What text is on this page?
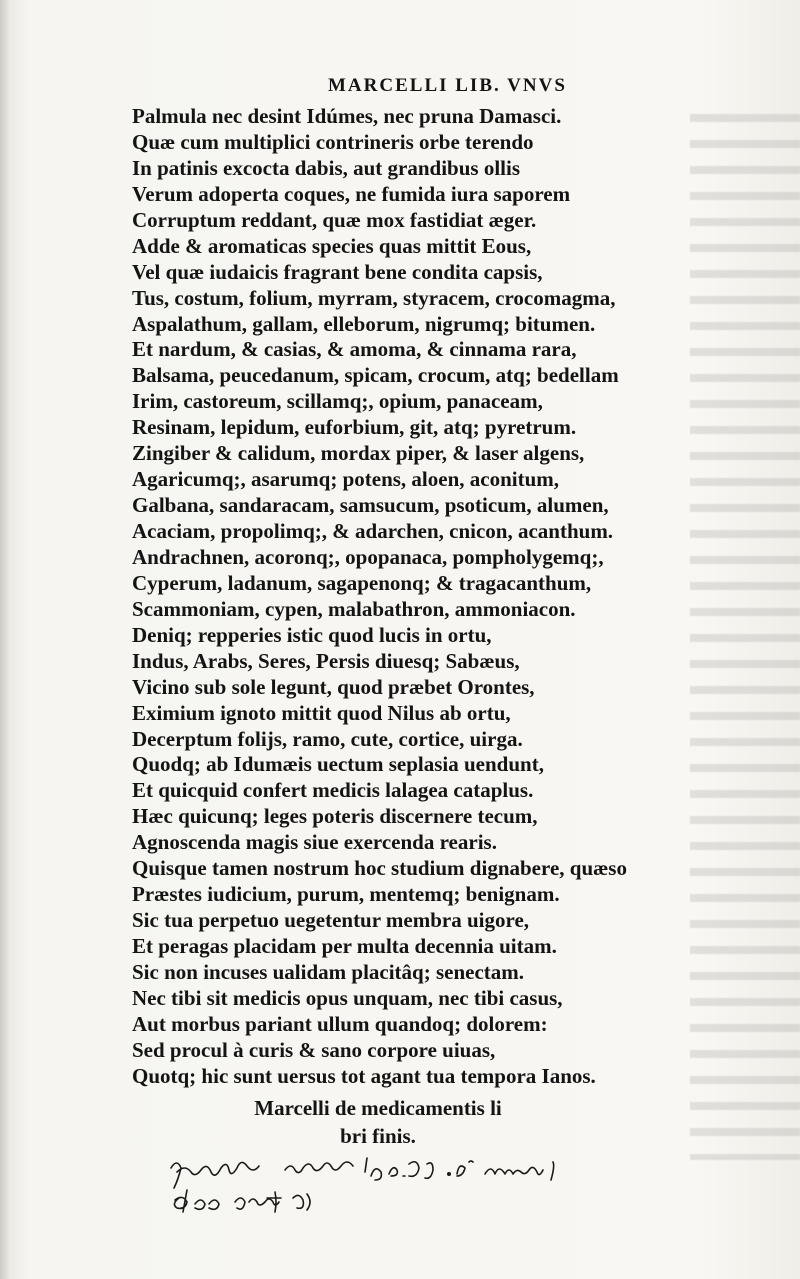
MARCELLI LIB. VNVS
Palmula nec desint Idúmes, nec pruna Damasci.
Quæ cum multiplici contrineris orbe terendo
In patinis excocta dabis, aut grandibus ollis
Verum adoperta coques, ne fumida iura saporem
Corruptum reddant, quæ mox fastidiat æger.
Adde & aromaticas species quas mittit Eous,
Vel quæ iudaicis fragrant bene condita capsis,
Tus, costum, folium, myrram, styracem, crocomagma,
Aspalathum, gallam, elleborum, nigrumq; bitumen.
Et nardum, & casias, & amoma, & cinnama rara,
Balsama, peucedanum, spicam, crocum, atq; bedellam
Irim, castoreum, scillamq;, opium, panaceam,
Resinam, lepidum, euforbium, git, atq; pyretrum.
Zingiber & calidum, mordax piper, & laser algens,
Agaricumq;, asarumq; potens, aloen, aconitum,
Galbana, sandaracam, samsucum, psoticum, alumen,
Acaciam, propolimq;, & adarchen, cnicon, acanthum.
Andrachnen, acoronq;, opopanaca, pompholygemq;,
Cyperum, ladanum, sagapenonq; & tragacanthum,
Scammoniam, cypen, malabathron, ammoniacon.
Deniq; repperies istic quod lucis in ortu,
Indus, Arabs, Seres, Persis diuesq; Sabæus,
Vicino sub sole legunt, quod præbet Orontes,
Eximium ignoto mittit quod Nilus ab ortu,
Decerptum folijs, ramo, cute, cortice, uirga.
Quodq; ab Idumæis uectum seplasia uendunt,
Et quicquid confert medicis lalagea cataplus.
Hæc quicunq; leges poteris discernere tecum,
Agnoscenda magis siue exercenda rearis.
Quisque tamen nostrum hoc studium dignabere, quæso
Præstes iudicium, purum, mentemq; benignam.
Sic tua perpetuo uegetentur membra uigore,
Et peragas placidam per multa decennia uitam.
Sic non incuses ualidam placitâq; senectam.
Nec tibi sit medicis opus unquam, nec tibi casus,
Aut morbus pariant ullum quandoq; dolorem:
Sed procul à curis & sano corpore uiuas,
Quotq; hic sunt uersus tot agant tua tempora Ianos.
Marcelli de medicamentis li
bri finis.
